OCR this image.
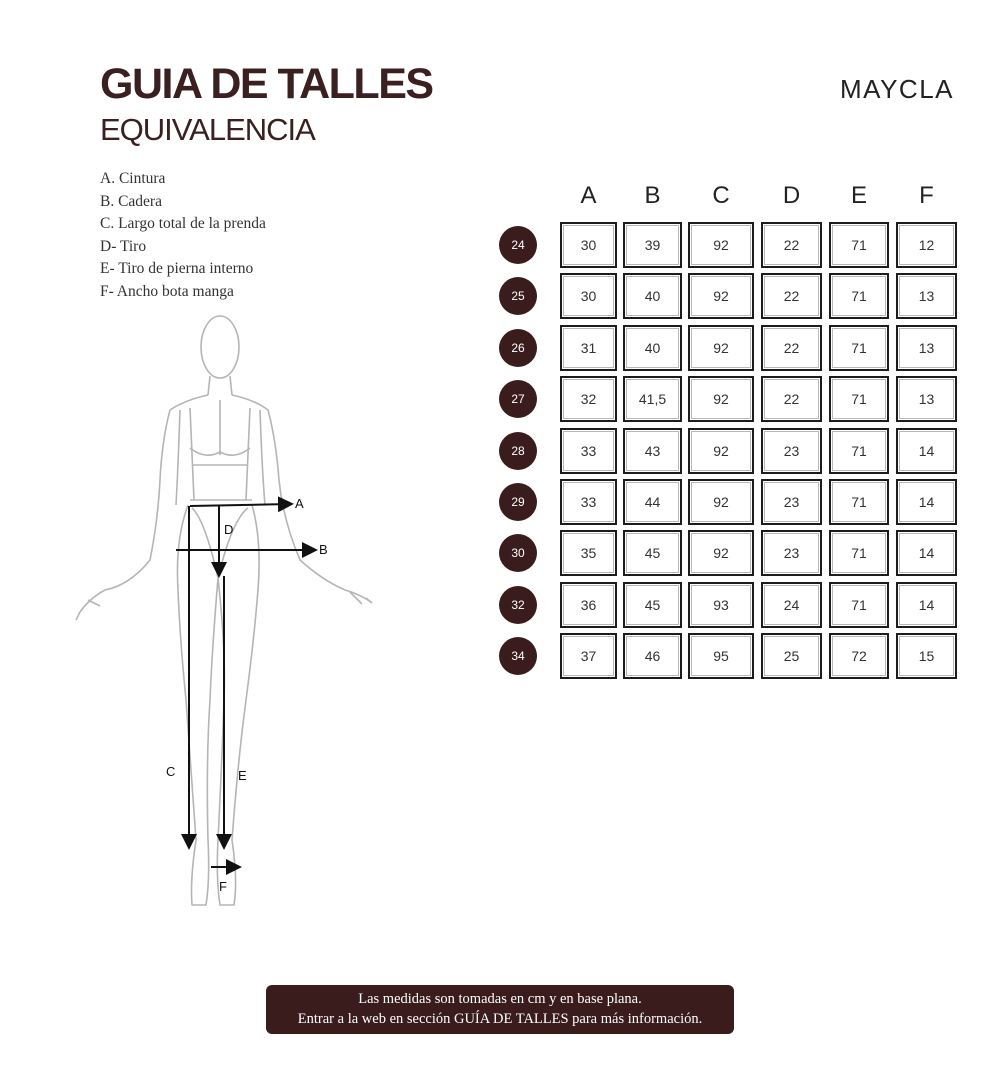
GUIA DE TALLES
EQUIVALENCIA
MAYCLA
A. Cintura
B. Cadera
C. Largo total de la prenda
D- Tiro
E- Tiro de pierna interno
F- Ancho bota manga
A
B
D
C	E
F
A	B	C	D	E	F
24	30	39	92	22	71	12
25	30	40	92	22	71	13
26	31	40	92	22	71	13
27	32	41,5	92	22	71	13
28	33	43	92	23	71	14
29	33	44	92	23	71	14
30	35	45	92	23	71	14
32	36	45	93	24	71	14
34	37	46	95	25	72	15
Las medidas son tomadas en cm y en base plana.
Entrar a la web en sección GUÍA DE TALLES para más información.
